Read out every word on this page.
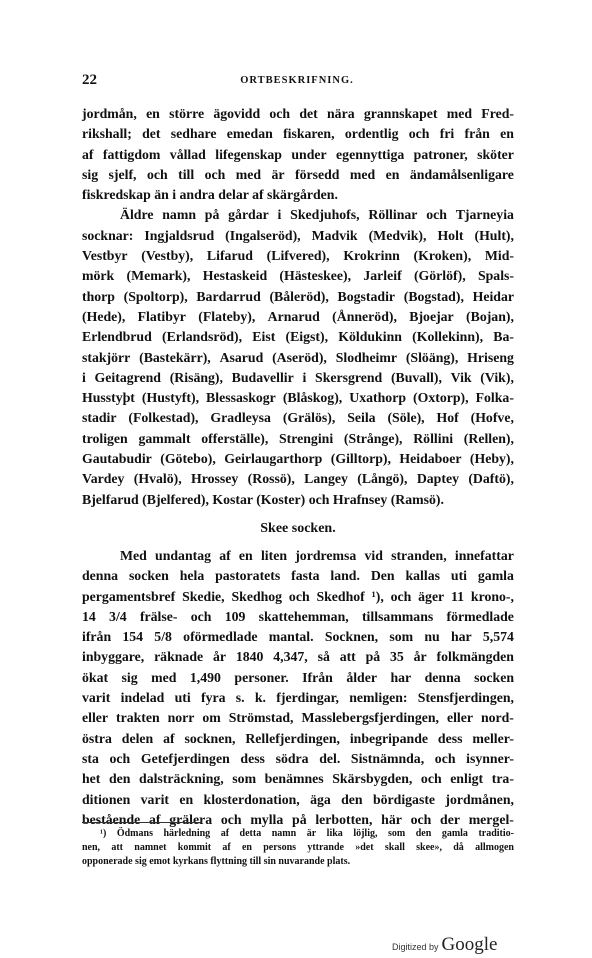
22	ORTBESKRIFNING.
jordmån, en större ägovidd och det nära grannskapet med Fred-
rikshall; det sedhare emedan fiskaren, ordentlig och fri från en
af fattigdom vållad lifegenskap under egennyttiga patroner, sköter
sig sjelf, och till och med är försedd med en ändamålsenligare
fiskredskap än i andra delar af skärgården.
Äldre namn på gårdar i Skedjuhofs, Röllinar och Tjarneyia
socknar: Ingjaldsrud (Ingalseröd), Madvik (Medvik), Holt (Hult),
Vestbyr (Vestby), Lifarud (Lifvered), Krokrinn (Kroken), Mid-
mörk (Memark), Hestaskeid (Hästeskee), Jarleif (Görlöf), Spals-
thorp (Spoltorp), Bardarrud (Båleröd), Bogstadir (Bogstad), Heidar
(Hede), Flatibyr (Flateby), Arnarud (Ånneröd), Bjoejar (Bojan),
Erlendbrud (Erlandsröd), Eist (Eigst), Köldukinn (Kollekinn), Ba-
stakjörr (Bastekärr), Asarud (Aseröd), Slodheimr (Slöäng), Hriseng
i Geitagrend (Risäng), Budavellir i Skersgrend (Buvall), Vik (Vik),
Husstyþt (Hustyft), Blessaskogr (Blåskog), Uxathorp (Oxtorp), Folka-
stadir (Folkestad), Gradleysa (Grälös), Seila (Söle), Hof (Hofve,
troligen gammalt offerställe), Strengini (Strånge), Röllini (Rellen),
Gautabudir (Götebo), Geirlaugarthorp (Gilltorp), Heidaboer (Heby),
Vardey (Hvalö), Hrossey (Rossö), Langey (Långö), Daptey (Daftö),
Bjelfarud (Bjelfered), Kostar (Koster) och Hrafnsey (Ramsö).
Skee socken.
Med undantag af en liten jordremsa vid stranden, innefattar
denna socken hela pastoratets fasta land. Den kallas uti gamla
pergamentsbref Skedie, Skedhog och Skedhof ¹), och äger 11 krono-,
14 3/4 frälse- och 109 skattehemman, tillsammans förmedlade
ifrån 154 5/8 oförmedlade mantal. Socknen, som nu har 5,574
inbyggare, räknade år 1840 4,347, så att på 35 år folkmängden
ökat sig med 1,490 personer. Ifrån ålder har denna socken
varit indelad uti fyra s. k. fjerdingar, nemligen: Stensfjerdingen,
eller trakten norr om Strömstad, Masslebergsfjerdingen, eller nord-
östra delen af socknen, Rellefjerdingen, inbegripande dess meller-
sta och Getefjerdingen dess södra del. Sistnämnda, och isynner-
het den dalsträckning, som benämnes Skärsbygden, och enligt tra-
ditionen varit en klosterdonation, äga den bördigaste jordmånen,
bestående af grälera och mylla på lerbotten, här och der mergel-
¹) Ödmans härledning af detta namn är lika löjlig, som den gamla traditio-
nen, att namnet kommit af en persons yttrande »det skall skee», då allmogen
opponerade sig emot kyrkans flyttning till sin nuvarande plats.
Digitized by Google
